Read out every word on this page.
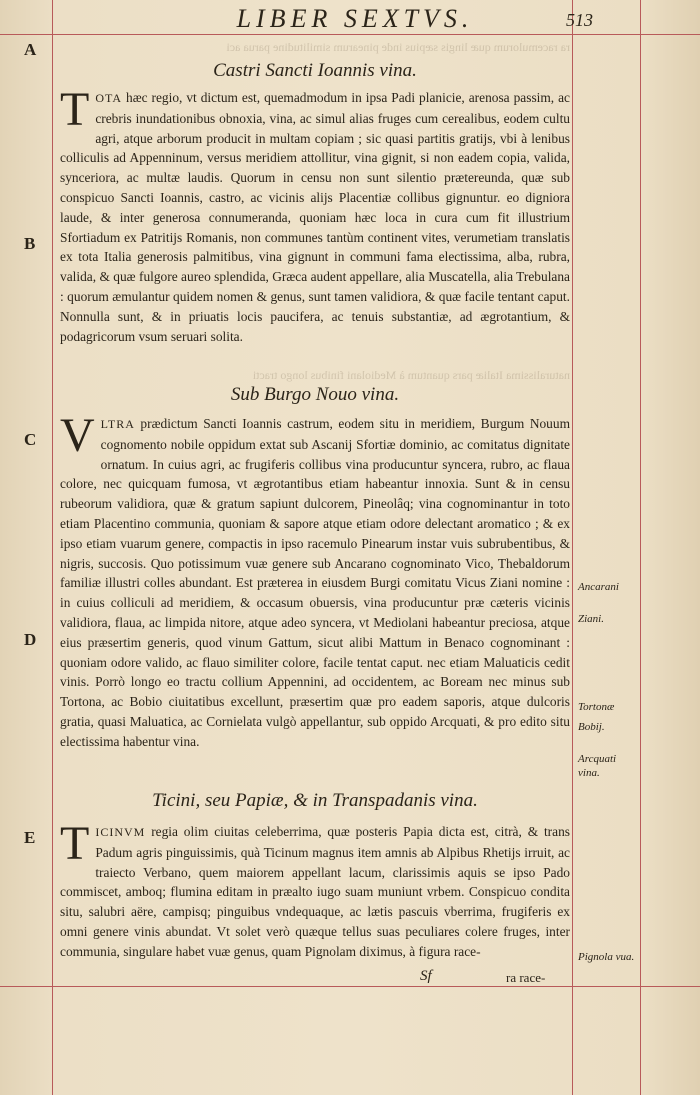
ra racemulorum quæ lingis sæpius inde pinearum similitudine parua aci
naturalissima Italiæ pars quantum à Mediolani finibus longo tracti
LIBER SEXTVS.	513
A
B
C
D
E
Castri Sancti Ioannis vina.

TOTA hæc regio, vt dictum est, quemadmodum in ipsa Padi planicie, arenosa passim, ac crebris inundationibus obnoxia, vina, ac simul alias fruges cum cerealibus, eodem cultu agri, atque arborum producit in multam copiam ; sic quasi partitis gratijs, vbi à lenibus colliculis ad Appenninum, versus meridiem attollitur, vina gignit, si non eadem copia, valida, synceriora, ac multæ laudis. Quorum in censu non sunt silentio prætereunda, quæ sub conspicuo Sancti Ioannis, castro, ac vicinis alijs Placentiæ collibus gignuntur. eo digniora laude, & inter generosa connumeranda, quoniam hæc loca in cura cum fit illustrium Sfortiadum ex Patritijs Romanis, non communes tantùm continent vites, verumetiam translatis ex tota Italia generosis palmitibus, vina gignunt in communi fama electissima, alba, rubra, valida, & quæ fulgore aureo splendida, Græca audent appellare, alia Muscatella, alia Trebulana : quorum æmulantur quidem nomen & genus, sunt tamen validiora, & quæ facile tentant caput. Nonnulla sunt, & in priuatis locis paucifera, ac tenuis substantiæ, ad ægrotantium, & podagricorum vsum seruari solita.

Sub Burgo Nouo vina.

VLTRA prædictum Sancti Ioannis castrum, eodem situ in meridiem, Burgum Nouum cognomento nobile oppidum extat sub Ascanij Sfortiæ dominio, ac comitatus dignitate ornatum. In cuius agri, ac frugiferis collibus vina producuntur syncera, rubro, ac flaua colore, nec quicquam fumosa, vt ægrotantibus etiam habeantur innoxia. Sunt & in censu rubeorum validiora, quæ & gratum sapiunt dulcorem, Pineolâq; vina cognominantur in toto etiam Placentino communia, quoniam & sapore atque etiam odore delectant aromatico ; & ex ipso etiam vuarum genere, compactis in ipso racemulo Pinearum instar vuis subrubentibus, & nigris, succosis. Quo potissimum vuæ genere sub Ancarano cognominato Vico, Thebaldorum familiæ illustri colles abundant. Est præterea in eiusdem Burgi comitatu Vicus Ziani nomine : in cuius colliculi ad meridiem, & occasum obuersis, vina producuntur præ cæteris vicinis validiora, flaua, ac limpida nitore, atque adeo syncera, vt Mediolani habeantur preciosa, atque eius præsertim generis, quod vinum Gattum, sicut alibi Mattum in Benaco cognominant : quoniam odore valido, ac flauo similiter colore, facile tentat caput. nec etiam Maluaticis cedit vinis. Porrò longo eo tractu collium Appennini, ad occidentem, ac Boream nec minus sub Tortona, ac Bobio ciuitatibus excellunt, præsertim quæ pro eadem saporis, atque dulcoris gratia, quasi Maluatica, ac Cornielata vulgò appellantur, sub oppido Arcquati, & pro edito situ electissima habentur vina.

Ticini, seu Papiæ, & in Transpadanis vina.

TICINVM regia olim ciuitas celeberrima, quæ posteris Papia dicta est, citrà, & trans Padum agris pinguissimis, quà Ticinum magnus item amnis ab Alpibus Rhetijs irruit, ac traiecto Verbano, quem maiorem appellant lacum, clarissimis aquis se ipso Pado commiscet, amboq; flumina editam in præalto iugo suam muniunt vrbem. Conspicuo condita situ, salubri aëre, campisq; pinguibus vndequaque, ac lætis pascuis vberrima, frugiferis ex omni genere vinis abundat. Vt solet verò quæque tellus suas peculiares colere fruges, inter communia, singulare habet vuæ genus, quam Pignolam diximus, à figura race-

Ancarani
Ziani.
Tortonæ
Bobij.
Arcquati vina.
Pignola vua.
Sf	ra race-
